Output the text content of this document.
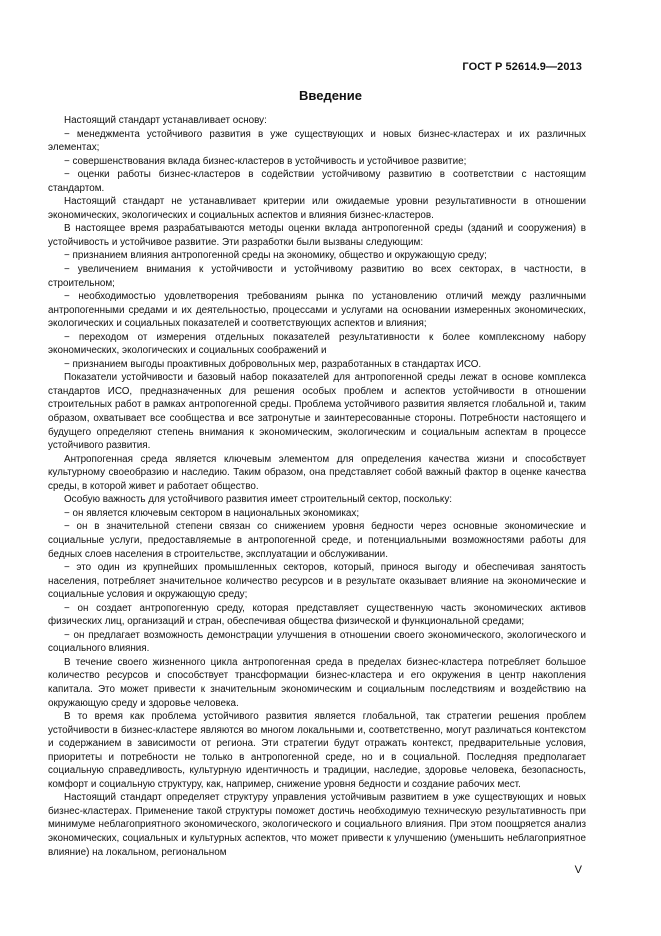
ГОСТ Р 52614.9—2013
Введение

Настоящий стандарт устанавливает основу:

− менеджмента устойчивого развития в уже существующих и новых бизнес-кластерах и их различных элементах;

− совершенствования вклада бизнес-кластеров в устойчивость и устойчивое развитие;

− оценки работы бизнес-кластеров в содействии устойчивому развитию в соответствии с настоящим стандартом.

Настоящий стандарт не устанавливает критерии или ожидаемые уровни результативности в отношении экономических, экологических и социальных аспектов и влияния бизнес-кластеров.

В настоящее время разрабатываются методы оценки вклада антропогенной среды (зданий и сооружения) в устойчивость и устойчивое развитие. Эти разработки были вызваны следующим:

− признанием влияния антропогенной среды на экономику, общество и окружающую среду;

− увеличением внимания к устойчивости и устойчивому развитию во всех секторах, в частности, в строительном;

− необходимостью удовлетворения требованиям рынка по установлению отличий между различными антропогенными средами и их деятельностью, процессами и услугами на основании измеренных экономических, экологических и социальных показателей и соответствующих аспектов и влияния;

− переходом от измерения отдельных показателей результативности к более комплексному набору экономических, экологических и социальных соображений и

− признанием выгоды проактивных добровольных мер, разработанных в стандартах ИСО.

Показатели устойчивости и базовый набор показателей для антропогенной среды лежат в основе комплекса стандартов ИСО, предназначенных для решения особых проблем и аспектов устойчивости в отношении строительных работ в рамках антропогенной среды. Проблема устойчивого развития является глобальной и, таким образом, охватывает все сообщества и все затронутые и заинтересованные стороны. Потребности настоящего и будущего определяют степень внимания к экономическим, экологическим и социальным аспектам в процессе устойчивого развития.

Антропогенная среда является ключевым элементом для определения качества жизни и способствует культурному своеобразию и наследию. Таким образом, она представляет собой важный фактор в оценке качества среды, в которой живет и работает общество.

Особую важность для устойчивого развития имеет строительный сектор, поскольку:

− он является ключевым сектором в национальных экономиках;

− он в значительной степени связан со снижением уровня бедности через основные экономические и социальные услуги, предоставляемые в антропогенной среде, и потенциальными возможностями работы для бедных слоев населения в строительстве, эксплуатации и обслуживании.

− это один из крупнейших промышленных секторов, который, принося выгоду и обеспечивая занятость населения, потребляет значительное количество ресурсов и в результате оказывает влияние на экономические и социальные условия и окружающую среду;

− он создает антропогенную среду, которая представляет существенную часть экономических активов физических лиц, организаций и стран, обеспечивая общества физической и функциональной средами;

− он предлагает возможность демонстрации улучшения в отношении своего экономического, экологического и социального влияния.

В течение своего жизненного цикла антропогенная среда в пределах бизнес-кластера потребляет большое количество ресурсов и способствует трансформации бизнес-кластера и его окружения в центр накопления капитала. Это может привести к значительным экономическим и социальным последствиям и воздействию на окружающую среду и здоровье человека.

В то время как проблема устойчивого развития является глобальной, так стратегии решения проблем устойчивости в бизнес-кластере являются во многом локальными и, соответственно, могут различаться контекстом и содержанием в зависимости от региона. Эти стратегии будут отражать контекст, предварительные условия, приоритеты и потребности не только в антропогенной среде, но и в социальной. Последняя предполагает социальную справедливость, культурную идентичность и традиции, наследие, здоровье человека, безопасность, комфорт и социальную структуру, как, например, снижение уровня бедности и создание рабочих мест.

Настоящий стандарт определяет структуру управления устойчивым развитием в уже существующих и новых бизнес-кластерах. Применение такой структуры поможет достичь необходимую техническую результативность при минимуме неблагоприятного экономического, экологического и социального влияния. При этом поощряется анализ экономических, социальных и культурных аспектов, что может привести к улучшению (уменьшить неблагоприятное влияние) на локальном, региональном

V
